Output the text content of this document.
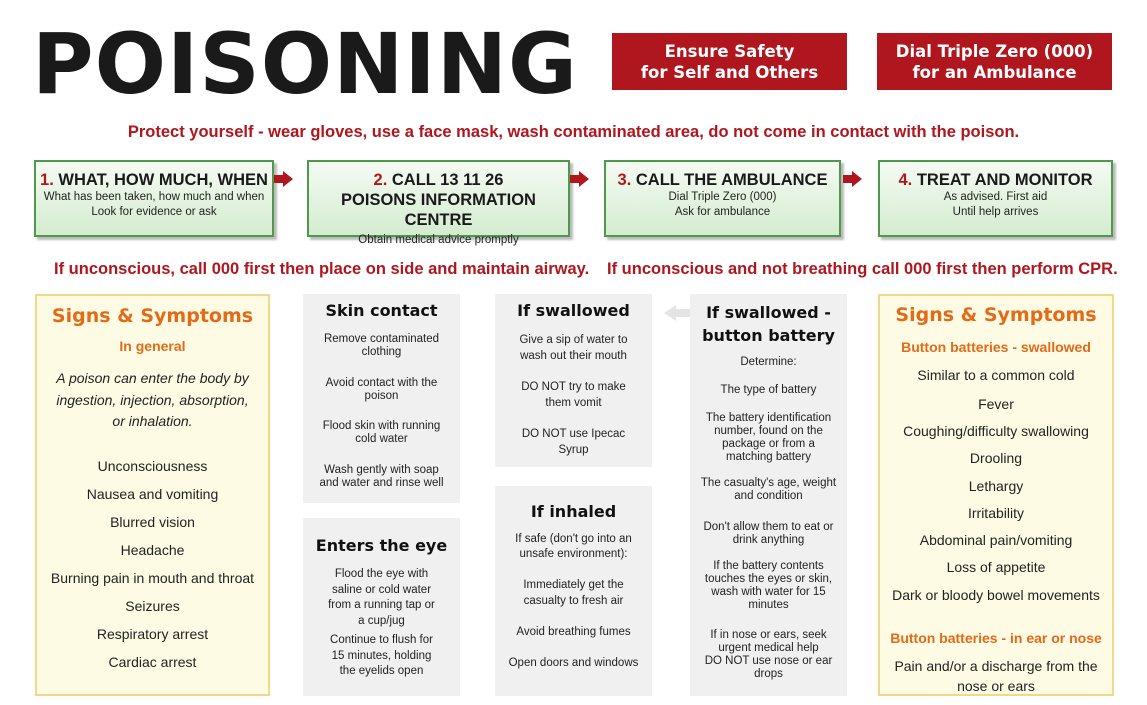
POISONING	Ensure Safety
for Self and Others
Dial Triple Zero (000)
for an Ambulance
Protect yourself - wear gloves, use a face mask, wash contaminated area, do not come in contact with the poison.
1. WHAT, HOW MUCH, WHEN
What has been taken, how much and when
Look for evidence or ask
2. CALL 13 11 26
POISONS INFORMATION CENTRE
Obtain medical advice promptly
3. CALL THE AMBULANCE
Dial Triple Zero (000)
Ask for ambulance
4. TREAT AND MONITOR
As advised. First aid
Until help arrives
If unconscious, call 000 first then place on side and maintain airway. If unconscious and not breathing call 000 first then perform CPR.
Signs & Symptoms
In general
A poison can enter the body by
ingestion, injection, absorption,
or inhalation.
Unconsciousness
Nausea and vomiting
Blurred vision
Headache
Burning pain in mouth and throat
Seizures
Respiratory arrest
Cardiac arrest
Skin contact
Remove contaminated
clothing
Avoid contact with the
poison
Flood skin with running
cold water
Wash gently with soap
and water and rinse well
Enters the eye
Flood the eye with
saline or cold water
from a running tap or
a cup/jug
Continue to flush for
15 minutes, holding
the eyelids open
If swallowed
Give a sip of water to
wash out their mouth
DO NOT try to make
them vomit
DO NOT use Ipecac
Syrup
If inhaled
If safe (don't go into an
unsafe environment):
Immediately get the
casualty to fresh air
Avoid breathing fumes
Open doors and windows
If swallowed -
button battery
Determine:
The type of battery
The battery identification
number, found on the
package or from a
matching battery
The casualty's age, weight
and condition
Don't allow them to eat or
drink anything
If the battery contents
touches the eyes or skin,
wash with water for 15
minutes
If in nose or ears, seek
urgent medical help
DO NOT use nose or ear
drops
Signs & Symptoms
Button batteries - swallowed
Similar to a common cold
Fever
Coughing/difficulty swallowing
Drooling
Lethargy
Irritability
Abdominal pain/vomiting
Loss of appetite
Dark or bloody bowel movements
Button batteries - in ear or nose
Pain and/or a discharge from the
nose or ears
